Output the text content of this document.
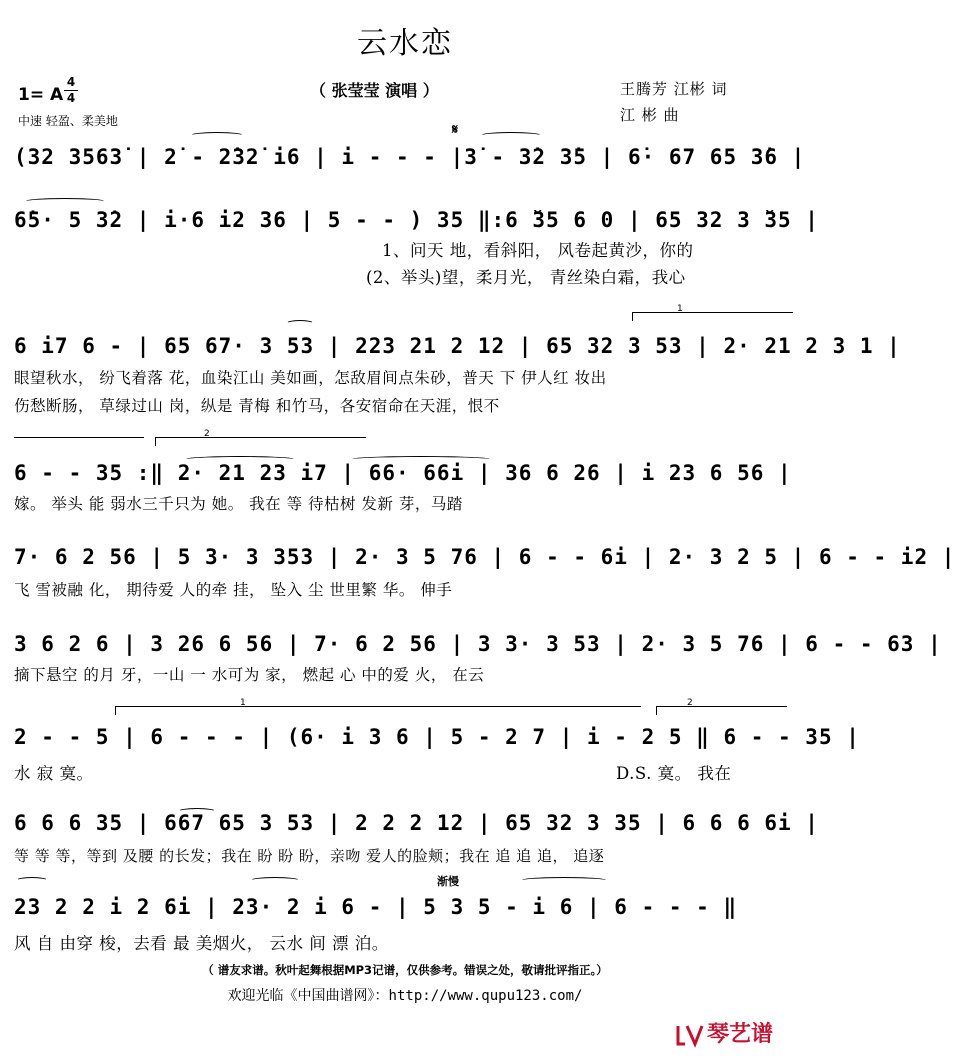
云水恋
（ 张莹莹 演唱 ）	王腾芳 江彬 词
江 彬 曲
1= A
4
4
中速 轻盈、柔美地
𝄋
1
2
1	2
(32 3563̇ | 2̇ - 2̇32̇ i6 | i - - - |3̇ - 3̇2 3̇5 | 6̇· 67 65 3̇6 |
6̇5· 5 3̇2 | i·6 i2 36 | 5 - - ) 35 ‖:6 ̌35 6 0 | 65 32 3 ̌35 |
1、问天 地，看斜阳， 风卷起黄沙，你的
(2、举头)望，柔月光， 青丝染白霜，我心
6 i7 6 - | 65 67· 3 53 | 223 21 2 12 | 65 32 3 53 | 2· 21 2 3 1 |
眼望秋水， 纷飞着落 花，血染江山 美如画，怎敌眉间点朱砂，普天 下 伊人红 妆出
伤愁断肠， 草绿过山 岗，纵是 青梅 和竹马，各安宿命在天涯，恨不
6 - - 35 :‖ 2· 21 23 i7 | 66· 66i | 36 6 26 | i 23 6 56 |
嫁。 举头 能 弱水三千只为 她。 我在 等 待枯树 发新 芽，马踏
7· 6 2 56 | 5 3· 3 353 | 2· 3 5 76 | 6 - - 6i | 2· 3 2 5 | 6 - - i2 |
飞 雪被融 化， 期待爱 人的牵 挂， 坠入 尘 世里繁 华。 伸手
3 6 2 6 | 3 26 6 56 | 7· 6 2 56 | 3 3· 3 53 | 2· 3 5 76 | 6 - - 63 |
摘下悬空 的月 牙，一山 一 水可为 家， 燃起 心 中的爱 火， 在云
2 - - 5 | 6 - - - | (6· i 3 6 | 5 - 2 7 | i - 2 5 ‖ 6 - - 35 |
水 寂 寞。	D.S. 寞。 我在
6 6 6 35 | 667 65 3 53 | 2 2 2 12 | 65 32 3 35 | 6 6 6 6i |
等 等 等，等到 及腰 的长发；我在 盼 盼 盼，亲吻 爱人的脸颊；我在 追 追 追， 追逐
渐慢
23 2 2 i 2 6i | 23· 2 i 6 - | 5 3 5 - i 6 | 6 - - - ‖
风 自 由穿 梭，去看 最 美烟火， 云水 间 漂 泊。
（ 谱友求谱。秋叶起舞根据MP3记谱，仅供参考。错误之处，敬请批评指正。）
欢迎光临《中国曲谱网》：http://www.qupu123.com/
琴艺谱
